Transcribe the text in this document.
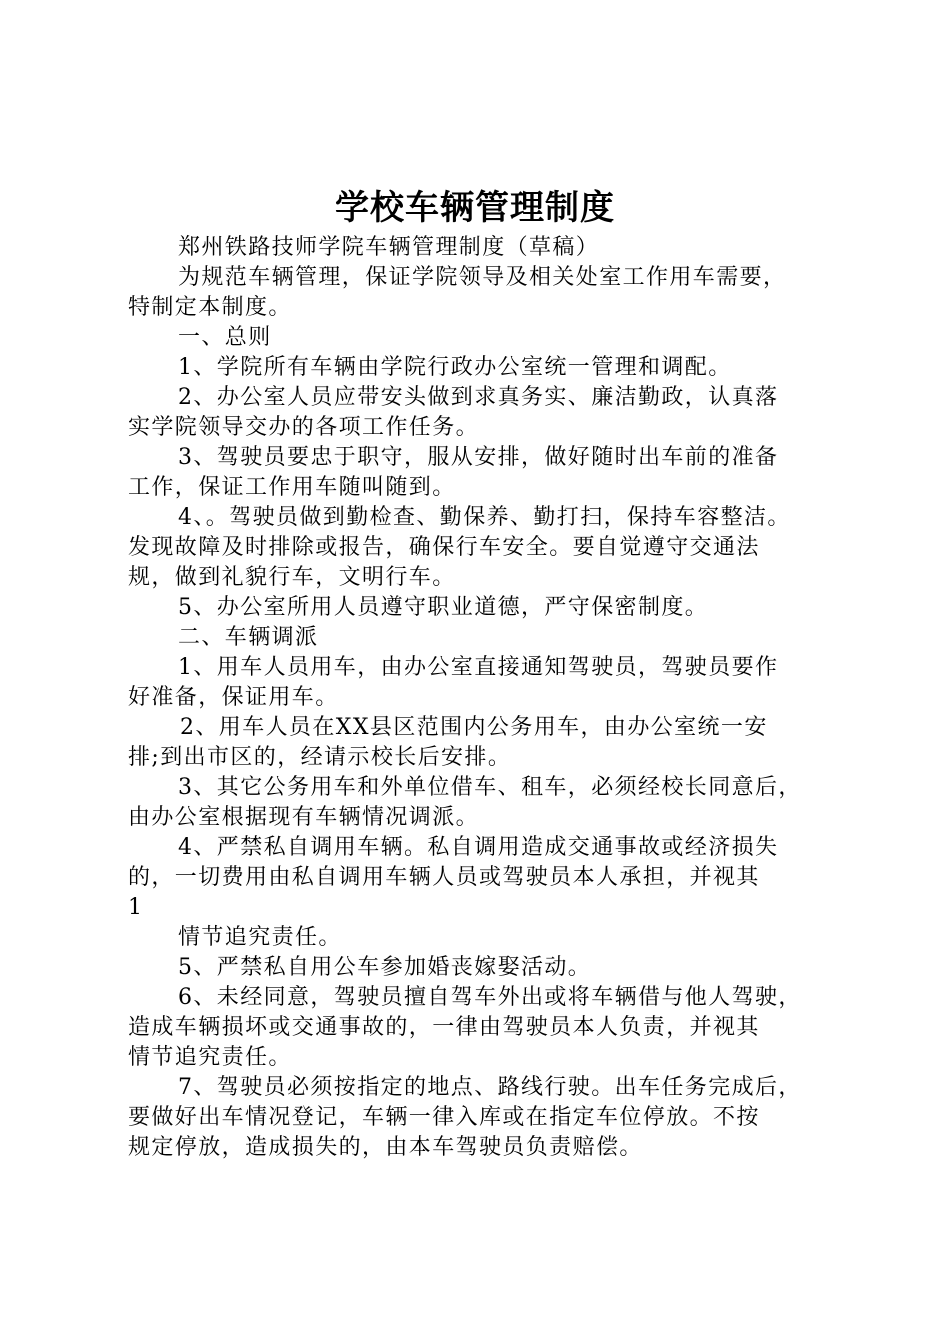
学校车辆管理制度
郑州铁路技师学院车辆管理制度（草稿）
为规范车辆管理，保证学院领导及相关处室工作用车需要，
特制定本制度。
一、总则
1、学院所有车辆由学院行政办公室统一管理和调配。
2、办公室人员应带安头做到求真务实、廉洁勤政，认真落
实学院领导交办的各项工作任务。
3、驾驶员要忠于职守，服从安排，做好随时出车前的准备
工作，保证工作用车随叫随到。
4、。驾驶员做到勤检查、勤保养、勤打扫，保持车容整洁。
发现故障及时排除或报告，确保行车安全。要自觉遵守交通法
规，做到礼貌行车，文明行车。
5、办公室所用人员遵守职业道德，严守保密制度。
二、车辆调派
1、用车人员用车，由办公室直接通知驾驶员，驾驶员要作
好准备，保证用车。
2、用车人员在XX县区范围内公务用车，由办公室统一安
排;到出市区的，经请示校长后安排。
3、其它公务用车和外单位借车、租车，必须经校长同意后，
由办公室根据现有车辆情况调派。
4、严禁私自调用车辆。私自调用造成交通事故或经济损失
的，一切费用由私自调用车辆人员或驾驶员本人承担，并视其
1
情节追究责任。
5、严禁私自用公车参加婚丧嫁娶活动。
6、未经同意，驾驶员擅自驾车外出或将车辆借与他人驾驶，
造成车辆损坏或交通事故的，一律由驾驶员本人负责，并视其
情节追究责任。
7、驾驶员必须按指定的地点、路线行驶。出车任务完成后，
要做好出车情况登记，车辆一律入库或在指定车位停放。不按
规定停放，造成损失的，由本车驾驶员负责赔偿。
